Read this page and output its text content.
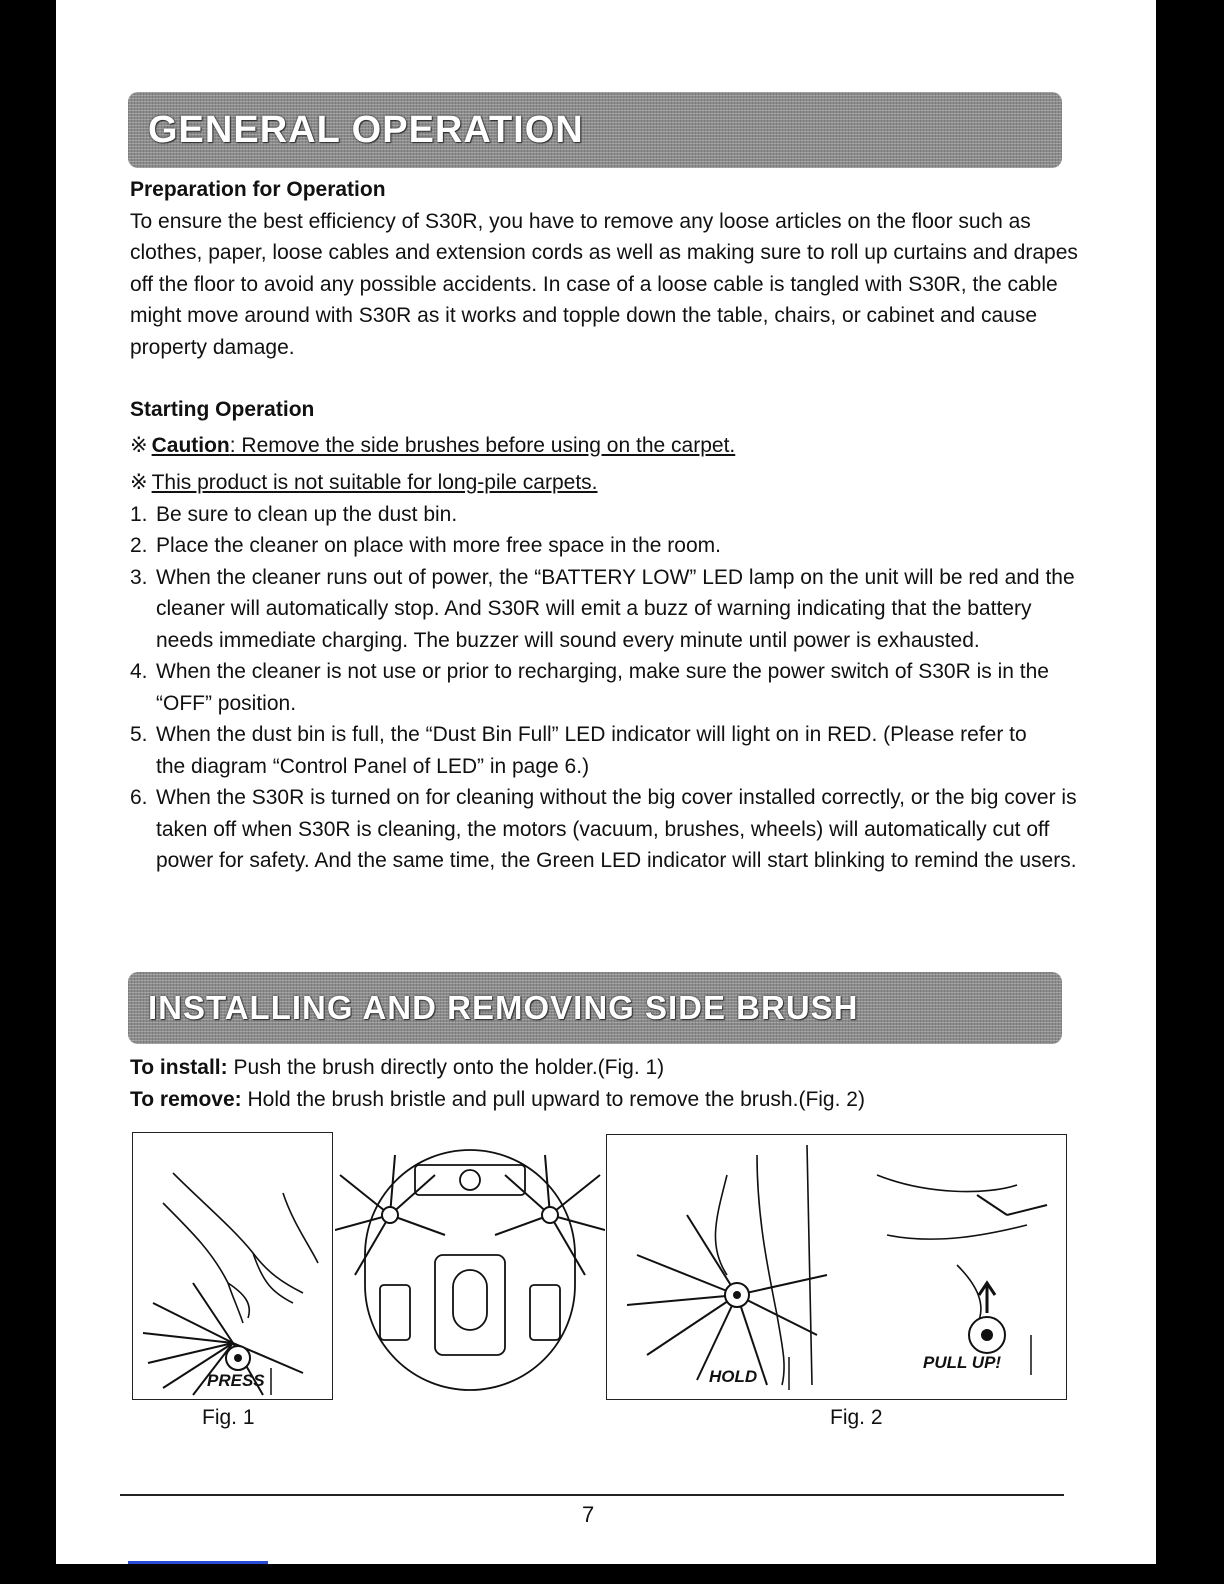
GENERAL OPERATION

Preparation for Operation

To ensure the best efficiency of S30R, you have to remove any loose articles on the floor such as clothes, paper, loose cables and extension cords as well as making sure to roll up curtains and drapes off the floor to avoid any possible accidents. In case of a loose cable is tangled with S30R, the cable might move around with S30R as it works and topple down the table, chairs, or cabinet and cause property damage.

Starting Operation

※ Caution: Remove the side brushes before using on the carpet.

※ This product is not suitable for long-pile carpets.

1. Be sure to clean up the dust bin.
2. Place the cleaner on place with more free space in the room.
3. When the cleaner runs out of power, the “BATTERY LOW” LED lamp on the unit will be red and the cleaner will automatically stop. And S30R will emit a buzz of warning indicating that the battery needs immediate charging. The buzzer will sound every minute until power is exhausted.
4. When the cleaner is not use or prior to recharging, make sure the power switch of S30R is in the “OFF” position.
5. When the dust bin is full, the “Dust Bin Full” LED indicator will light on in RED. (Please refer to the diagram “Control Panel of LED” in page 6.)
6. When the S30R is turned on for cleaning without the big cover installed correctly, or the big cover is taken off when S30R is cleaning, the motors (vacuum, brushes, wheels) will automatically cut off power for safety. And the same time, the Green LED indicator will start blinking to remind the users.
INSTALLING AND REMOVING SIDE BRUSH

To install: Push the brush directly onto the holder.(Fig. 1)

To remove: Hold the brush bristle and pull upward to remove the brush.(Fig. 2)

PRESS	HOLD
PULL UP!
Fig. 1	Fig. 2
7
